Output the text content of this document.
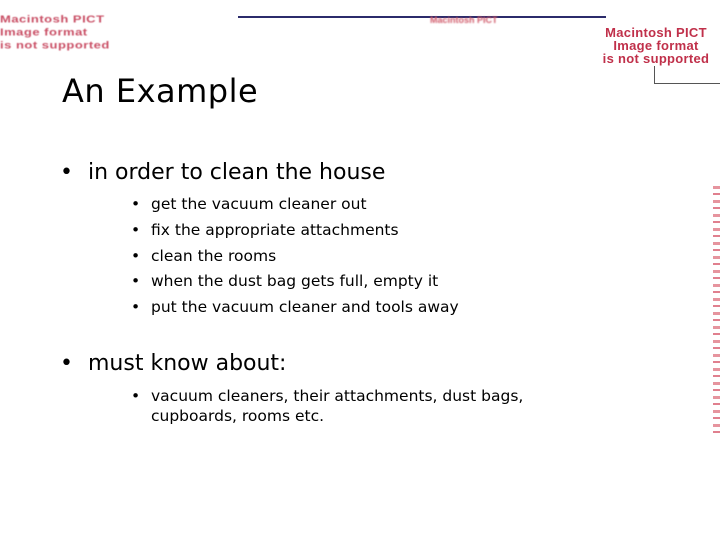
Macintosh PICT
Image format
is not supported
Macintosh PICT
Macintosh PICT
Image format
is not supported
An Example
• in order to clean the house
• get the vacuum cleaner out
• fix the appropriate attachments
• clean the rooms
• when the dust bag gets full, empty it
• put the vacuum cleaner and tools away
• must know about:
• vacuum cleaners, their attachments, dust bags,
cupboards, rooms etc.
